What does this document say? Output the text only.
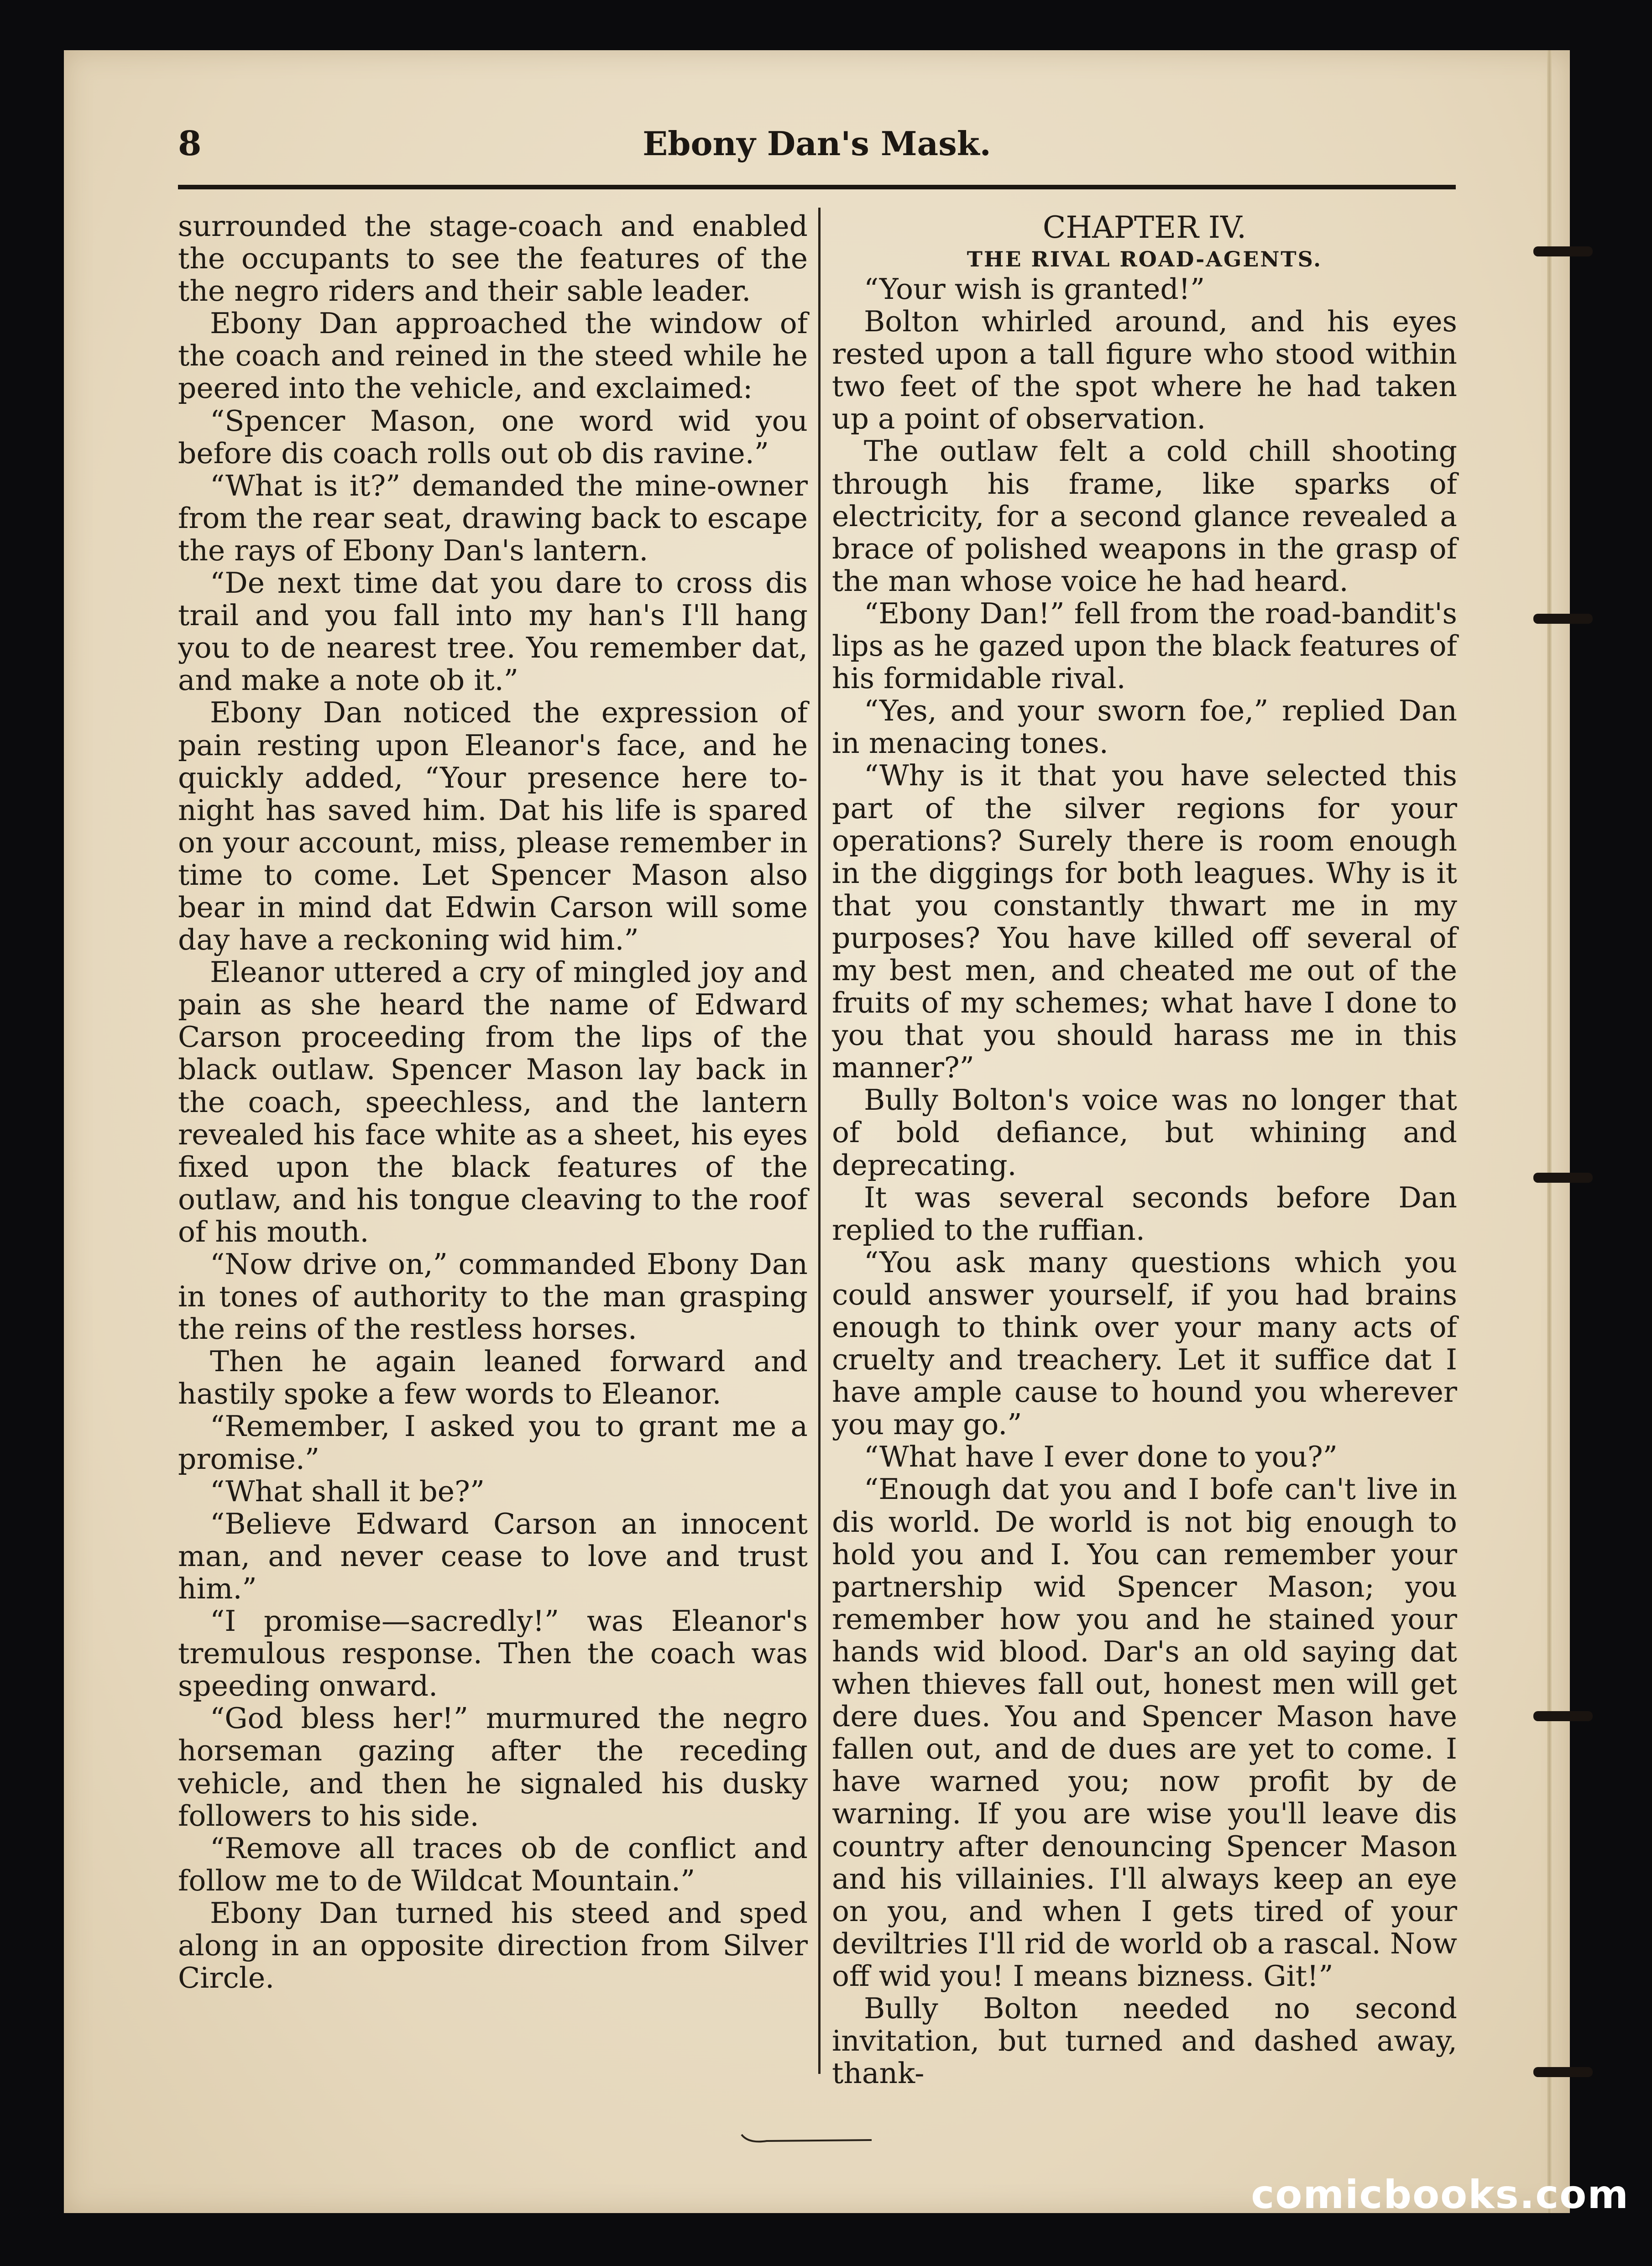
8	Ebony Dan's Mask.

surrounded the stage-coach and enabled the occupants to see the features of the the negro riders and their sable leader.

Ebony Dan approached the window of the coach and reined in the steed while he peered into the vehicle, and exclaimed:

“Spencer Mason, one word wid you before dis coach rolls out ob dis ravine.”

“What is it?” demanded the mine-owner from the rear seat, drawing back to escape the rays of Ebony Dan's lantern.

“De next time dat you dare to cross dis trail and you fall into my han's I'll hang you to de nearest tree. You remember dat, and make a note ob it.”

Ebony Dan noticed the expression of pain resting upon Eleanor's face, and he quickly added, “Your presence here to-night has saved him. Dat his life is spared on your account, miss, please remember in time to come. Let Spencer Mason also bear in mind dat Edwin Carson will some day have a reckoning wid him.”

Eleanor uttered a cry of mingled joy and pain as she heard the name of Edward Carson proceeding from the lips of the black outlaw. Spencer Mason lay back in the coach, speechless, and the lantern revealed his face white as a sheet, his eyes fixed upon the black features of the outlaw, and his tongue cleaving to the roof of his mouth.

“Now drive on,” commanded Ebony Dan in tones of authority to the man grasping the reins of the restless horses.

Then he again leaned forward and hastily spoke a few words to Eleanor.

“Remember, I asked you to grant me a promise.”

“What shall it be?”

“Believe Edward Carson an innocent man, and never cease to love and trust him.”

“I promise—sacredly!” was Eleanor's tremulous response. Then the coach was speeding onward.

“God bless her!” murmured the negro horseman gazing after the receding vehicle, and then he signaled his dusky followers to his side.

“Remove all traces ob de conflict and follow me to de Wildcat Mountain.”

Ebony Dan turned his steed and sped along in an opposite direction from Silver Circle.

CHAPTER IV.

THE RIVAL ROAD-AGENTS.

“Your wish is granted!”

Bolton whirled around, and his eyes rested upon a tall figure who stood within two feet of the spot where he had taken up a point of observation.

The outlaw felt a cold chill shooting through his frame, like sparks of electricity, for a second glance revealed a brace of polished weapons in the grasp of the man whose voice he had heard.

“Ebony Dan!” fell from the road-bandit's lips as he gazed upon the black features of his formidable rival.

“Yes, and your sworn foe,” replied Dan in menacing tones.

“Why is it that you have selected this part of the silver regions for your operations? Surely there is room enough in the diggings for both leagues. Why is it that you constantly thwart me in my purposes? You have killed off several of my best men, and cheated me out of the fruits of my schemes; what have I done to you that you should harass me in this manner?”

Bully Bolton's voice was no longer that of bold defiance, but whining and deprecating.

It was several seconds before Dan replied to the ruffian.

“You ask many questions which you could answer yourself, if you had brains enough to think over your many acts of cruelty and treachery. Let it suffice dat I have ample cause to hound you wherever you may go.”

“What have I ever done to you?”

“Enough dat you and I bofe can't live in dis world. De world is not big enough to hold you and I. You can remember your partnership wid Spencer Mason; you remember how you and he stained your hands wid blood. Dar's an old saying dat when thieves fall out, honest men will get dere dues. You and Spencer Mason have fallen out, and de dues are yet to come. I have warned you; now profit by de warning. If you are wise you'll leave dis country after denouncing Spencer Mason and his villainies. I'll always keep an eye on you, and when I gets tired of your deviltries I'll rid de world ob a rascal. Now off wid you! I means bizness. Git!”

Bully Bolton needed no second invitation, but turned and dashed away, thank-

comicbooks.com
